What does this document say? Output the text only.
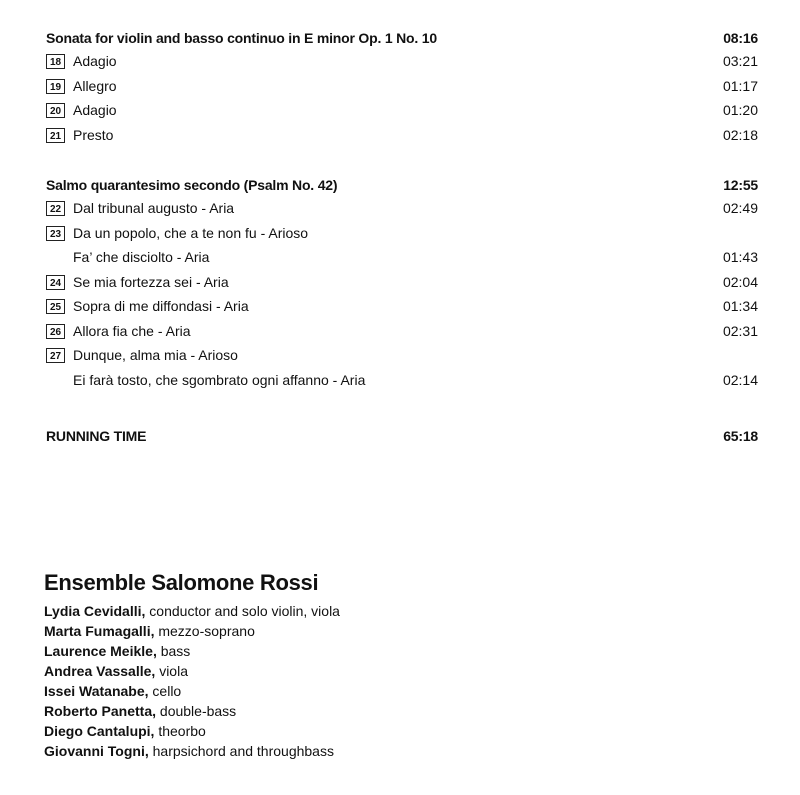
Sonata for violin and basso continuo in E minor Op. 1 No. 10	08:16
18 Adagio	03:21
19 Allegro	01:17
20 Adagio	01:20
21 Presto	02:18
Salmo quarantesimo secondo (Psalm No. 42)	12:55
22 Dal tribunal augusto - Aria	02:49
23 Da un popolo, che a te non fu - Arioso
Fa’ che disciolto - Aria	01:43
24 Se mia fortezza sei - Aria	02:04
25 Sopra di me diffondasi - Aria	01:34
26 Allora fia che - Aria	02:31
27 Dunque, alma mia - Arioso
Ei farà tosto, che sgombrato ogni affanno - Aria	02:14
RUNNING TIME	65:18
Ensemble Salomone Rossi
Lydia Cevidalli, conductor and solo violin, viola
Marta Fumagalli, mezzo-soprano
Laurence Meikle, bass
Andrea Vassalle, viola
Issei Watanabe, cello
Roberto Panetta, double-bass
Diego Cantalupi, theorbo
Giovanni Togni, harpsichord and throughbass
